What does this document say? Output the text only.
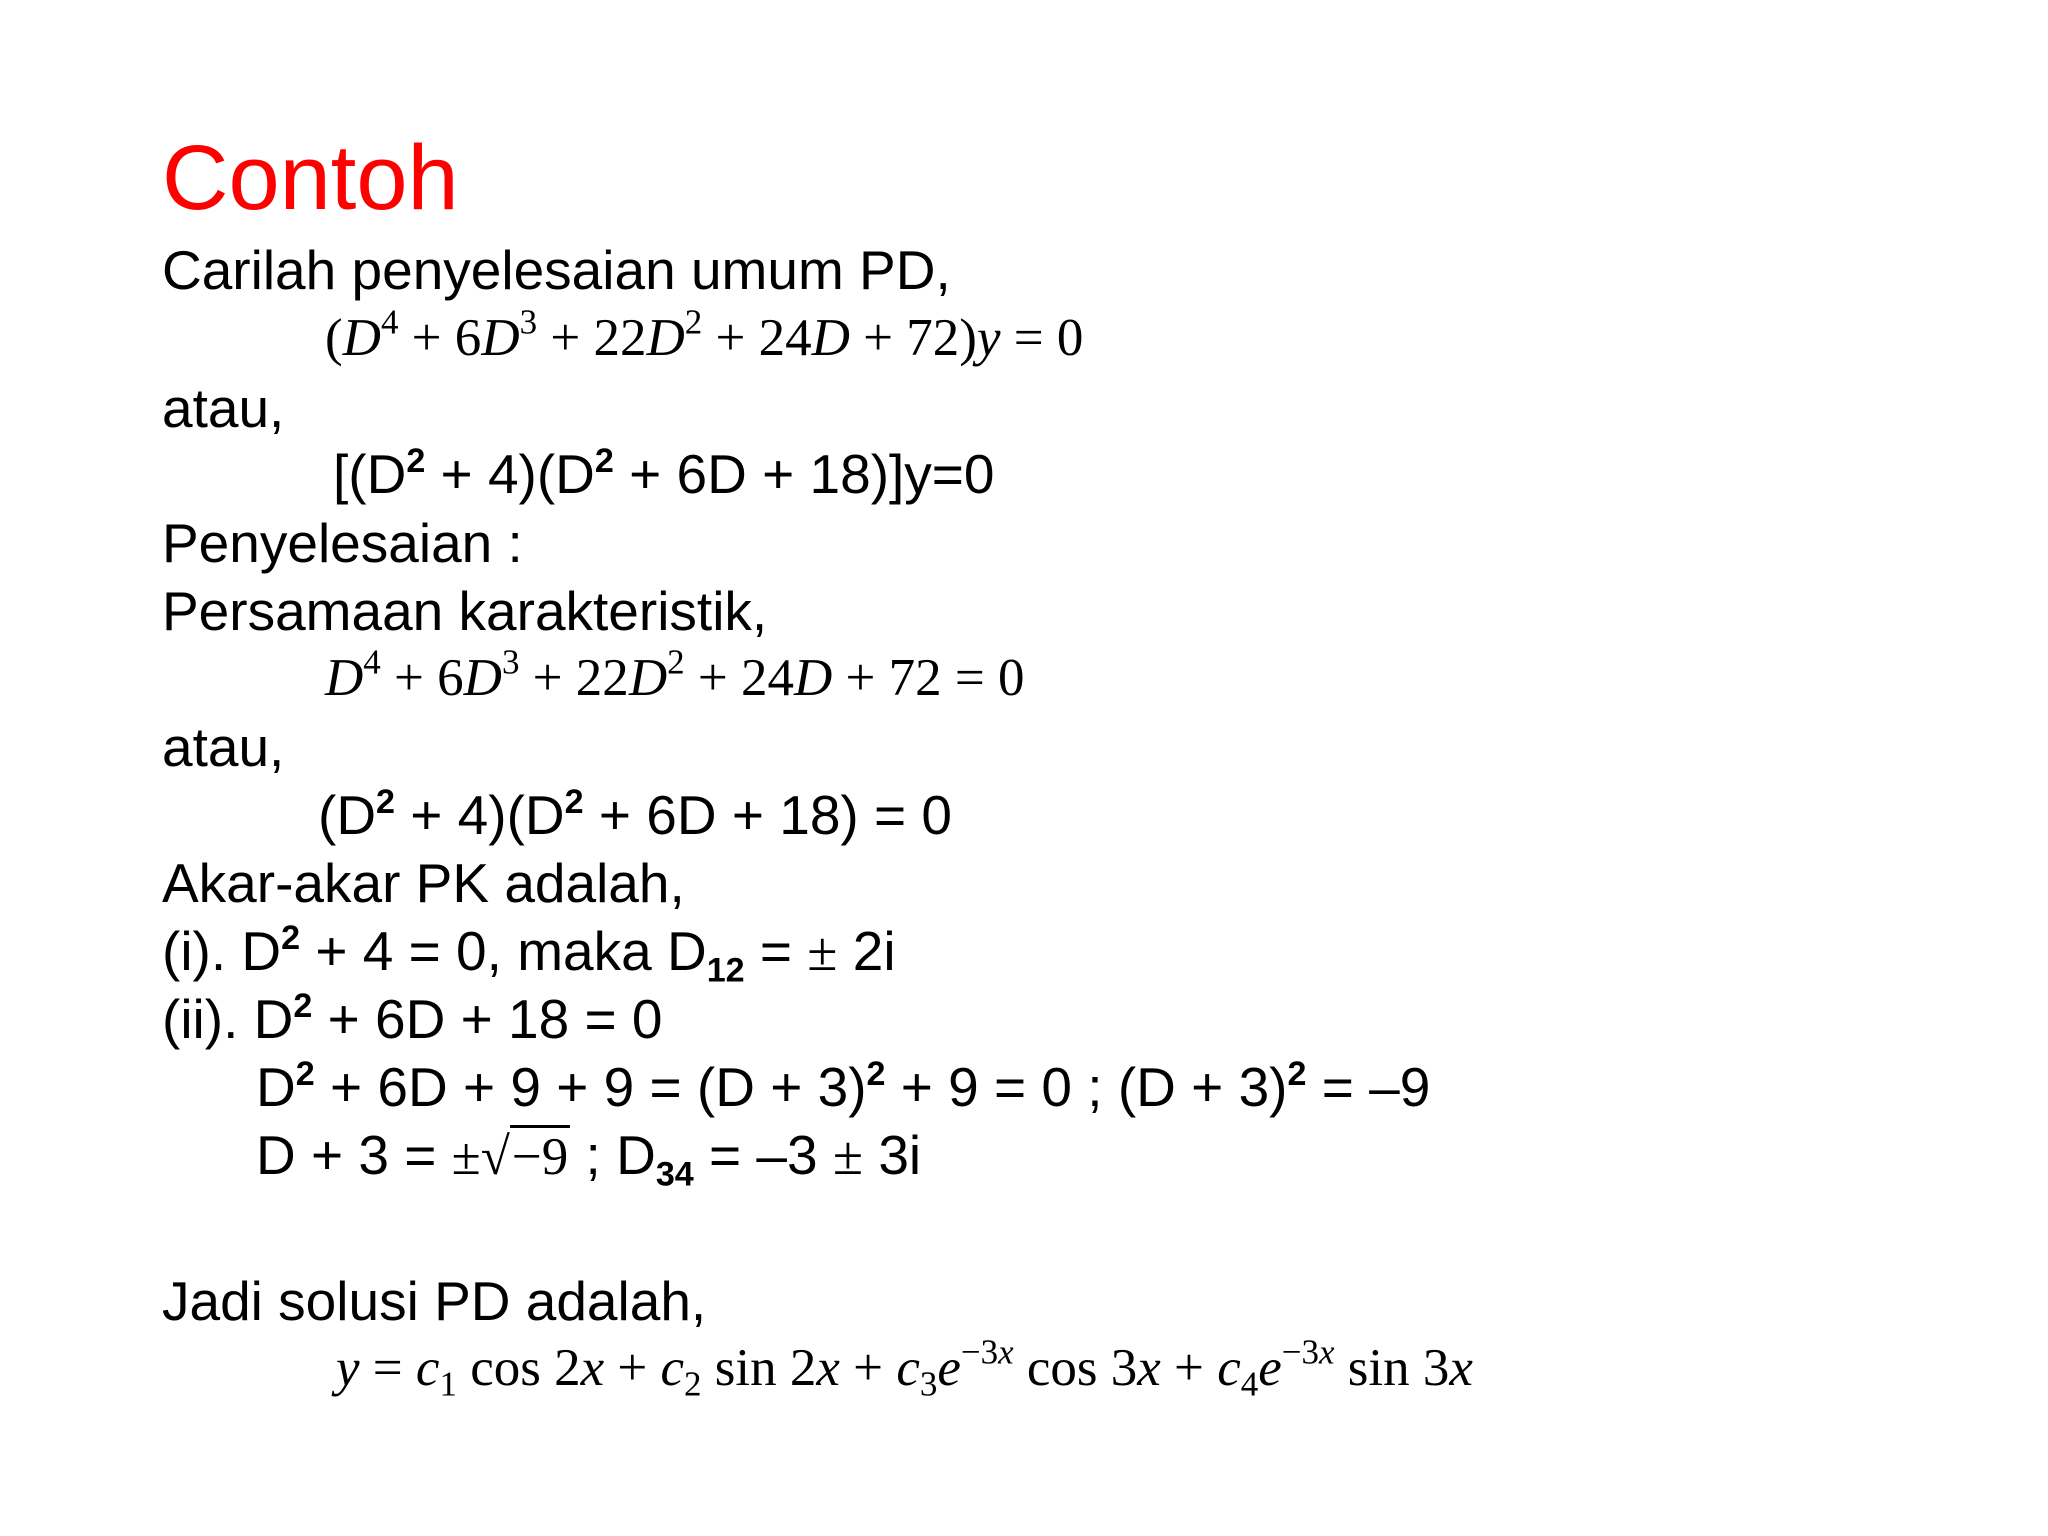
Contoh
Carilah penyelesaian umum PD,
$(D^4 + 6D^3 + 22D^2 + 24D + 72)y = 0$
atau,
$[(D^2 + 4)(D^2 + 6D + 18)]y=0$
Penyelesaian :
Persamaan karakteristik,
$D^4 + 6D^3 + 22D^2 + 24D + 72 = 0$
atau,
$(D^2 + 4)(D^2 + 6D + 18) = 0$
Akar-akar PK adalah,
(i). $D^2 + 4 = 0$, maka $D_{12}$ = ± 2i
(ii). $D^2 + 6D + 18 = 0$
$D^2 + 6D + 9 + 9 = (D + 3)^2 + 9 = 0$ ; $(D + 3)^2 = -9$
D + 3 = ±√−9 ; $D_{34} = -3 \pm 3i$
Jadi solusi PD adalah,
y = c1 cos 2x + c2 $\sin 2x + c3e^{-3x}$ $\cos 3x + c4e^{-3x}$ sin 3x
